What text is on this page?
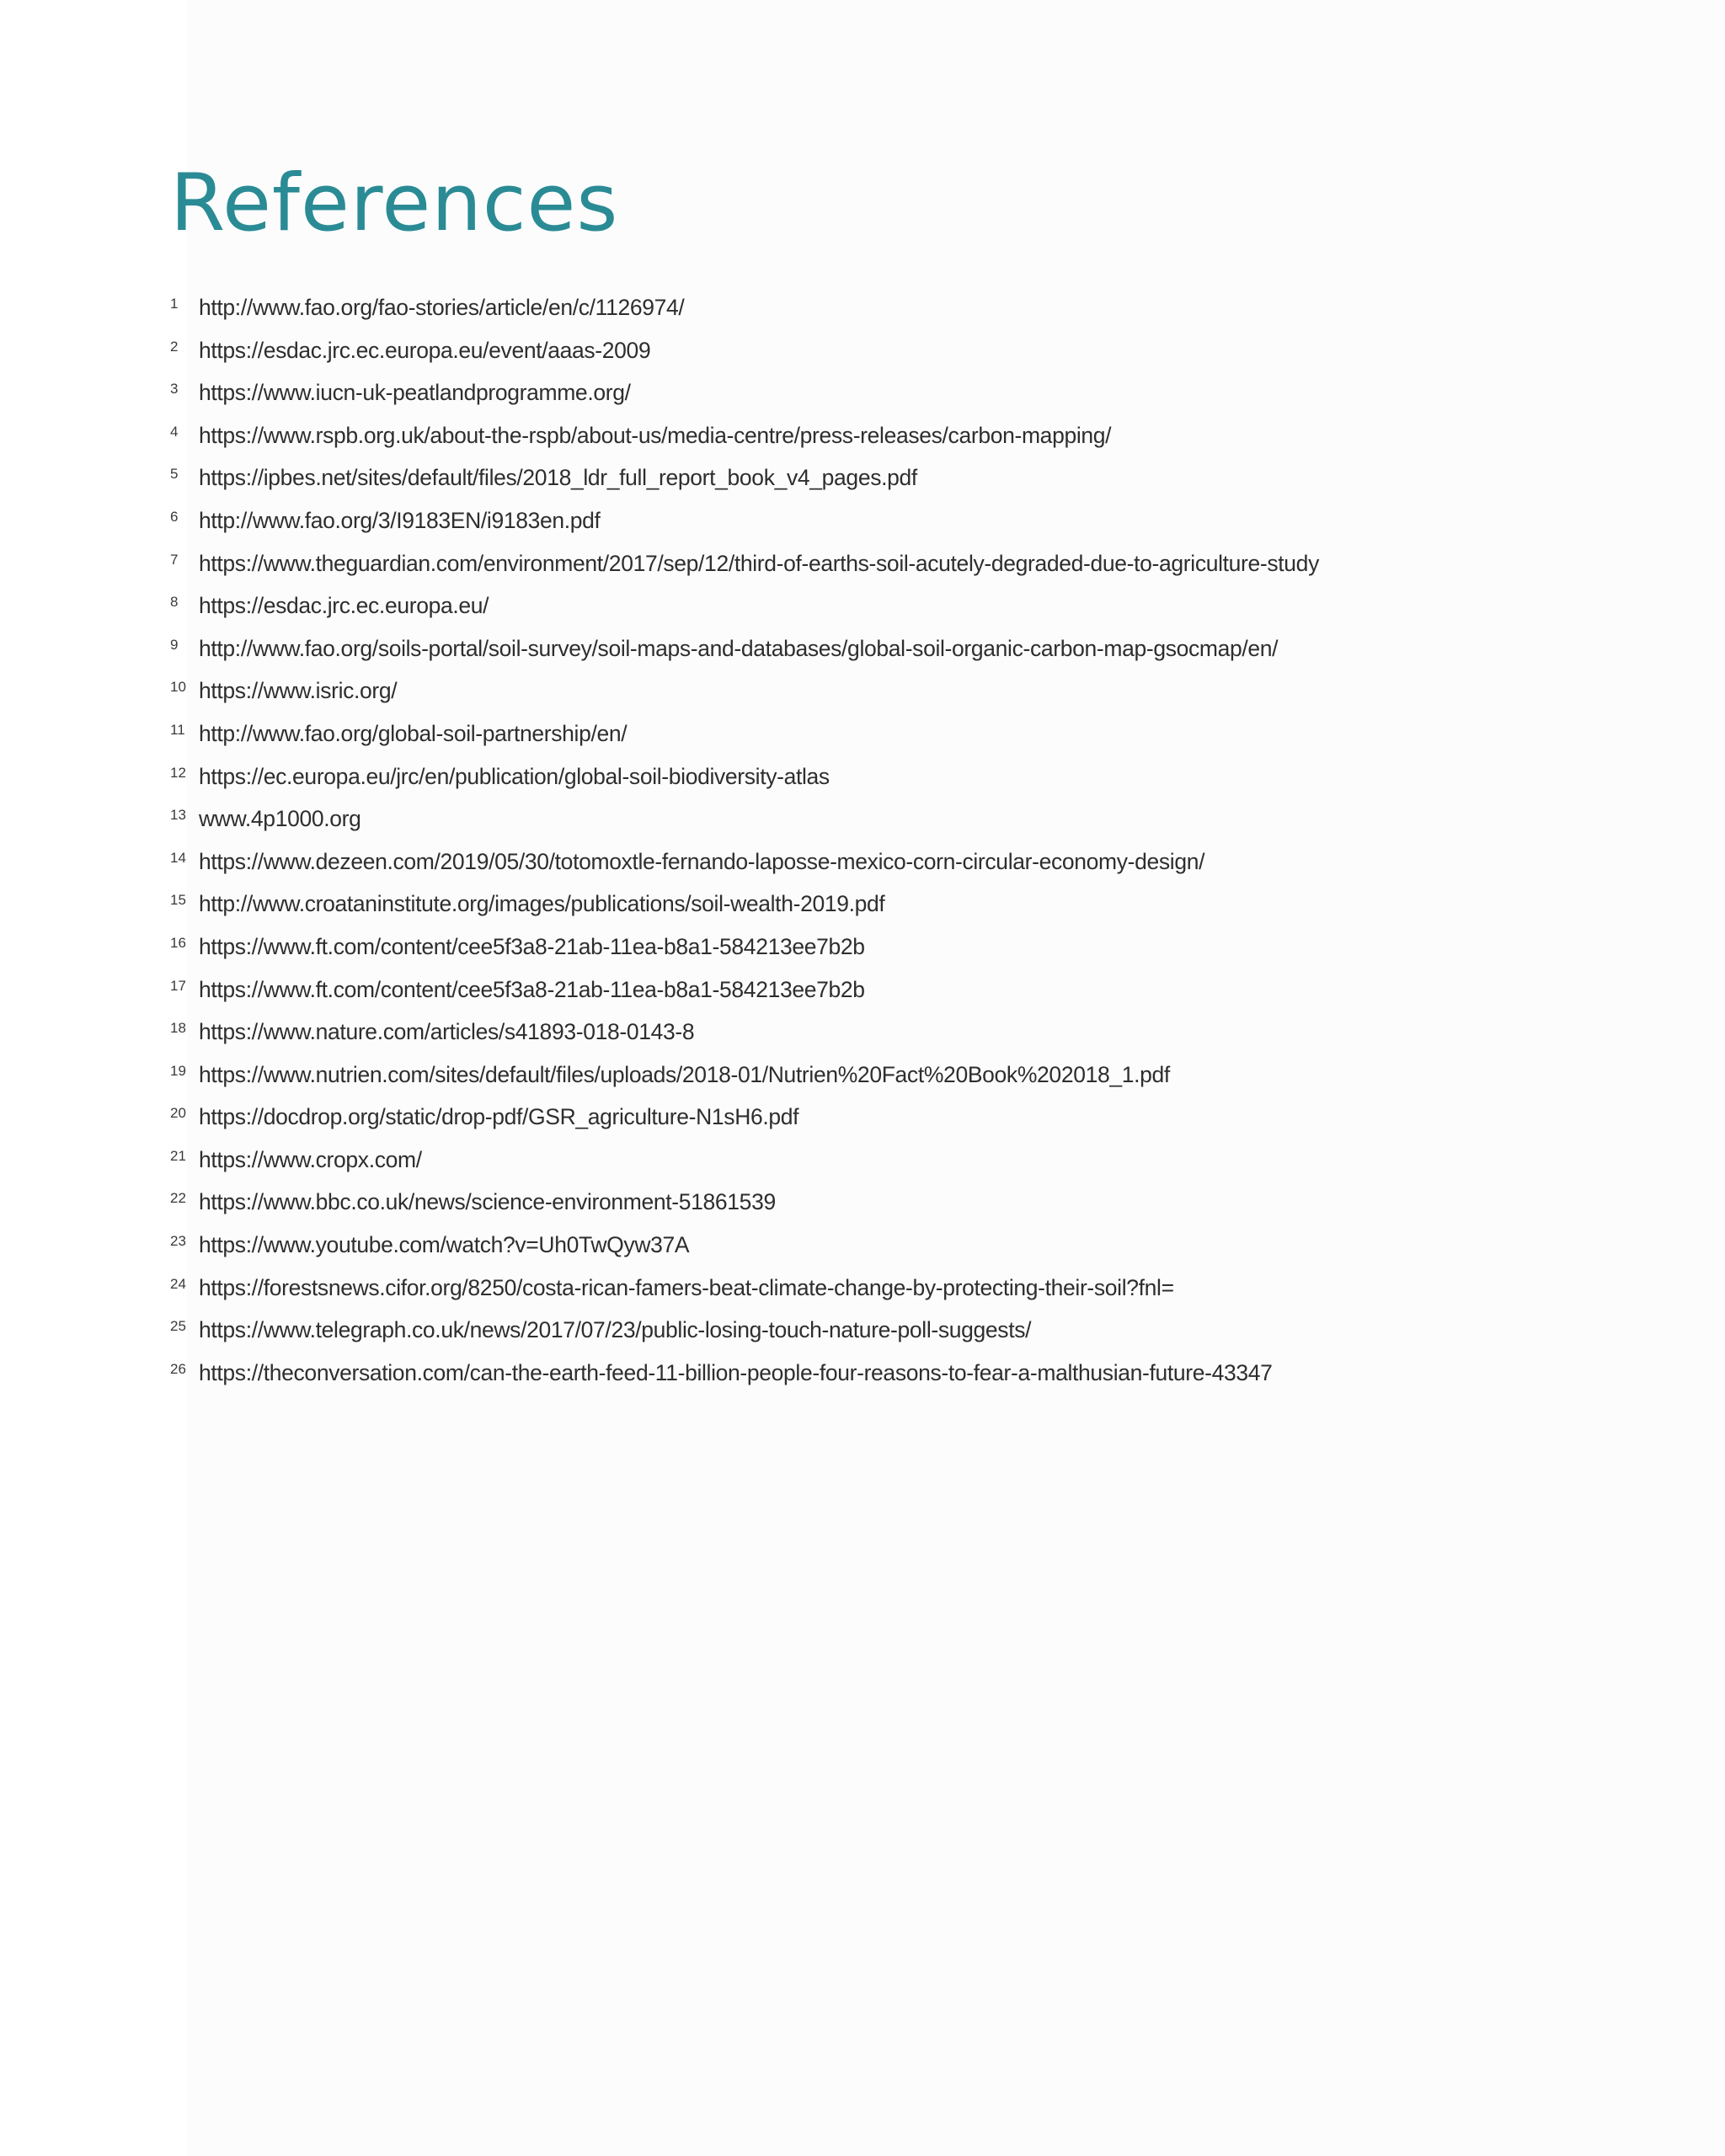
References
1 http://www.fao.org/fao-stories/article/en/c/1126974/
2 https://esdac.jrc.ec.europa.eu/event/aaas-2009
3 https://www.iucn-uk-peatlandprogramme.org/
4 https://www.rspb.org.uk/about-the-rspb/about-us/media-centre/press-releases/carbon-mapping/
5 https://ipbes.net/sites/default/files/2018_ldr_full_report_book_v4_pages.pdf
6 http://www.fao.org/3/I9183EN/i9183en.pdf
7 https://www.theguardian.com/environment/2017/sep/12/third-of-earths-soil-acutely-degraded-due-to-agriculture-study
8 https://esdac.jrc.ec.europa.eu/
9 http://www.fao.org/soils-portal/soil-survey/soil-maps-and-databases/global-soil-organic-carbon-map-gsocmap/en/
10 https://www.isric.org/
11 http://www.fao.org/global-soil-partnership/en/
12 https://ec.europa.eu/jrc/en/publication/global-soil-biodiversity-atlas
13 www.4p1000.org
14 https://www.dezeen.com/2019/05/30/totomoxtle-fernando-laposse-mexico-corn-circular-economy-design/
15 http://www.croataninstitute.org/images/publications/soil-wealth-2019.pdf
16 https://www.ft.com/content/cee5f3a8-21ab-11ea-b8a1-584213ee7b2b
17 https://www.ft.com/content/cee5f3a8-21ab-11ea-b8a1-584213ee7b2b
18 https://www.nature.com/articles/s41893-018-0143-8
19 https://www.nutrien.com/sites/default/files/uploads/2018-01/Nutrien%20Fact%20Book%202018_1.pdf
20 https://docdrop.org/static/drop-pdf/GSR_agriculture-N1sH6.pdf
21 https://www.cropx.com/
22 https://www.bbc.co.uk/news/science-environment-51861539
23 https://www.youtube.com/watch?v=Uh0TwQyw37A
24 https://forestsnews.cifor.org/8250/costa-rican-famers-beat-climate-change-by-protecting-their-soil?fnl=
25 https://www.telegraph.co.uk/news/2017/07/23/public-losing-touch-nature-poll-suggests/
26 https://theconversation.com/can-the-earth-feed-11-billion-people-four-reasons-to-fear-a-malthusian-future-43347
